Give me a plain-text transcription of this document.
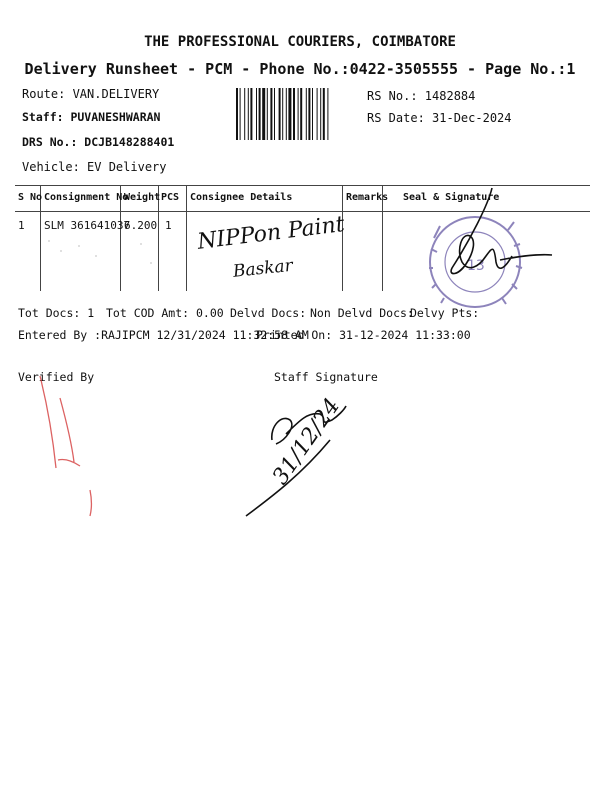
THE PROFESSIONAL COURIERS, COIMBATORE
Delivery Runsheet - PCM - Phone No.:0422-3505555 - Page No.:1
Route: VAN.DELIVERY
Staff: PUVANESHWARAN
DRS No.: DCJB148288401
Vehicle: EV Delivery
RS No.: 1482884
RS Date: 31-Dec-2024
S No Consignment No
Weight PCS Consignee Details	Remarks Seal & Signature
1 SLM 361641037
6.200 1 NIPPon Paint
Baskar
Tot Docs: 1 Tot COD Amt: 0.00 Delvd Docs: Non Delvd Docs:
Delvy Pts:
Entered By :RAJIPCM 12/31/2024 11:32:58 AM
Printed On: 31-12-2024 11:33:00
Verified By	Staff Signature
31/12/24
13
